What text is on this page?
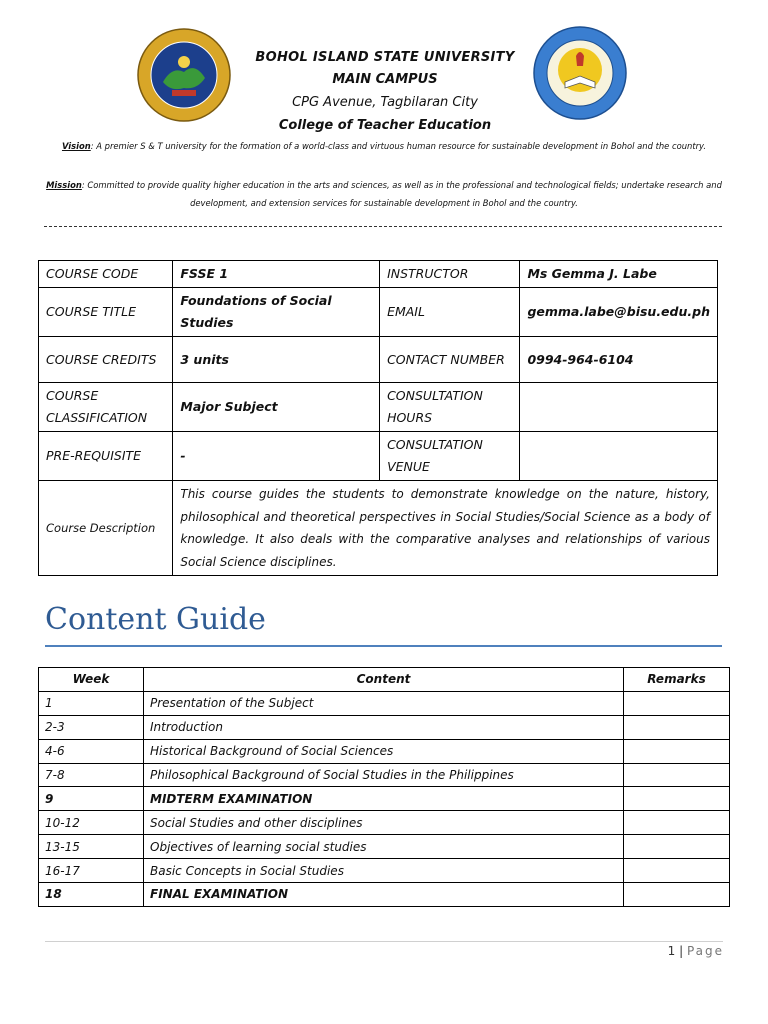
BOHOL ISLAND STATE UNIVERSITY
MAIN CAMPUS
CPG Avenue, Tagbilaran City
College of Teacher Education
Vision: A premier S & T university for the formation of a world-class and virtuous human resource for sustainable development in Bohol and the country.
Mission: Committed to provide quality higher education in the arts and sciences, as well as in the professional and technological fields; undertake research and development, and extension services for sustainable development in Bohol and the country.
COURSE CODE	FSSE 1	INSTRUCTOR	Ms Gemma J. Labe
COURSE TITLE	Foundations of Social Studies	EMAIL	gemma.labe@bisu.edu.ph
COURSE CREDITS	3 units	CONTACT NUMBER	0994-964-6104
COURSE CLASSIFICATION	Major Subject	CONSULTATION HOURS	
PRE-REQUISITE	-	CONSULTATION VENUE	
Course Description	This course guides the students to demonstrate knowledge on the nature, history, philosophical and theoretical perspectives in Social Studies/Social Science as a body of knowledge. It also deals with the comparative analyses and relationships of various Social Science disciplines.		
Content Guide
Week	Content	Remarks
1	Presentation of the Subject	
2-3	Introduction	
4-6	Historical Background of Social Sciences	
7-8	Philosophical Background of Social Studies in the Philippines	
9	MIDTERM EXAMINATION	
10-12	Social Studies and other disciplines	
13-15	Objectives of learning social studies	
16-17	Basic Concepts in Social Studies	
18	FINAL EXAMINATION	
1 | Page
